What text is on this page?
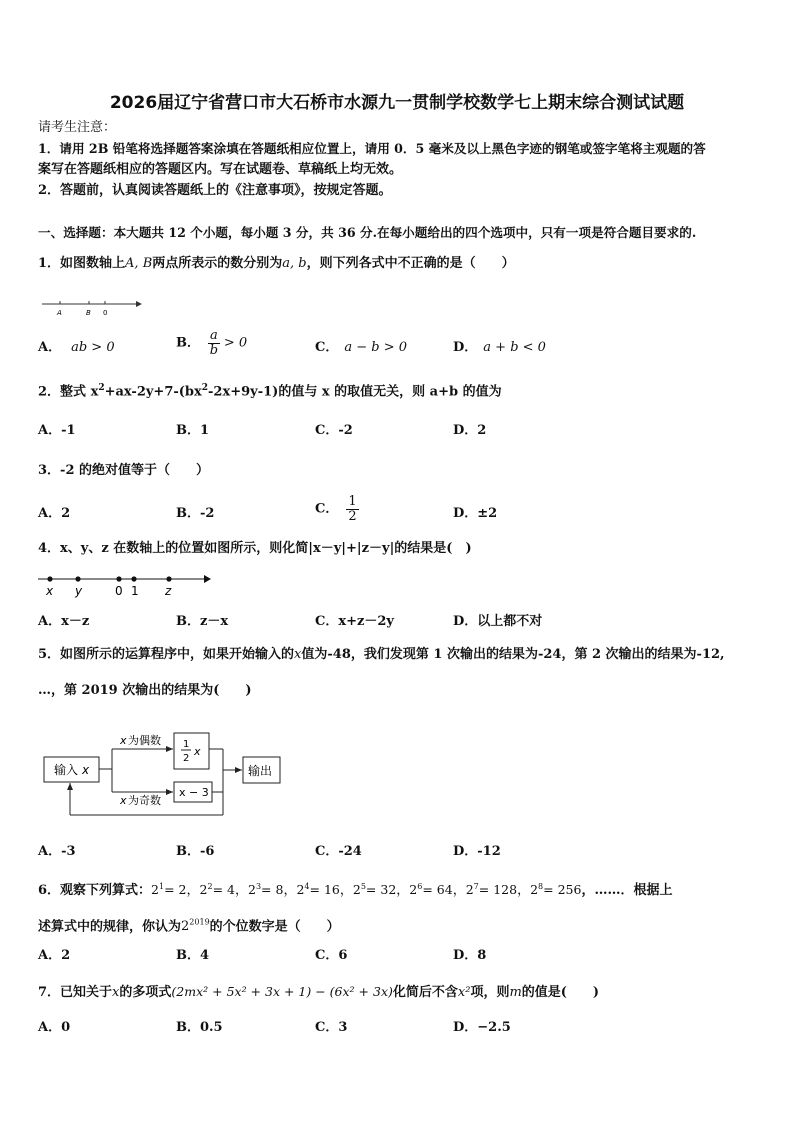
2026届辽宁省营口市大石桥市水源九一贯制学校数学七上期末综合测试试题
请考生注意：
1．请用 2B 铅笔将选择题答案涂填在答题纸相应位置上，请用 0．5 毫米及以上黑色字迹的钢笔或签字笔将主观题的答
案写在答题纸相应的答题区内。写在试题卷、草稿纸上均无效。
2．答题前，认真阅读答题纸上的《注意事项》，按规定答题。
一、选择题：本大题共 12 个小题，每小题 3 分，共 36 分.在每小题给出的四个选项中，只有一项是符合题目要求的.
1．如图数轴上A, B两点所表示的数分别为a, b，则下列各式中不正确的是（　　）
A	B 0
A． ab > 0	B． $\frac{a}{b} > 0$	C． a − b > 0	D． a + b < 0
2．整式 $x^2+ax-2y+7-(bx^2-2x+9y-1)$的值与 x 的取值无关，则 a+b 的值为
A．-1	B．1	C．-2	D．2
3．-2 的绝对值等于（　　）
A．2	B．-2	C． $\frac{1}{2}$	D．±2
4．x、y、z 在数轴上的位置如图所示，则化简|x－y|+|z－y|的结果是(　)
x y	0 1 z
A．x－z	B．z－x	C．x+z－2y	D．以上都不对
5．如图所示的运算程序中，如果开始输入的x值为-48，我们发现第 1 次输出的结果为-24，第 2 次输出的结果为-12,
…，第 2019 次输出的结果为(　　)
输入 x
x 为偶数
x 为奇数
1
2
x
x − 3
输出
A．-3	B．-6	C．-24	D．-12
6．观察下列算式：$2^1= 2$，$2^2= 4$，$2^3= 8$，$2^4= 16$，$2^5= 32$，$2^6= 64$，$2^7= 128$，$2^8= 256$，……．根据上
述算式中的规律，你认为$2^{2019}$的个位数字是（　　）
A．2	B．4	C．6	D．8
7．已知关于x的多项式(2mx² + 5x² + 3x + 1) − (6x² + 3x)化简后不含x²项，则m的值是(　　)
A．0	B．0.5	C．3	D．−2.5
